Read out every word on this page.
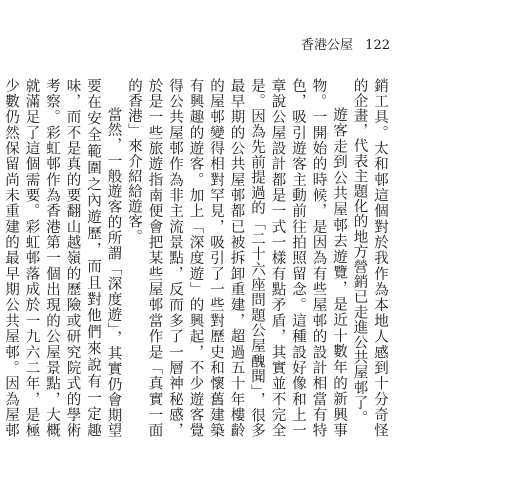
香港公屋 122

銷工具。太和邨這個對於我作為本地人感到十分奇怪的企畫，代表主題化的地方營銷已走進公共屋邨了。

遊客走到公共屋邨去遊覽，是近十數年的新興事物。一開始的時候，是因為有些屋邨的設計相當有特色，吸引遊客主動前往拍照留念。這種設好像和上一章說公屋設計都是一式一樣有點矛盾，其實並不完全是。因為先前提過的「二十六座問題公屋醜聞」，很多最早期的公共屋邨都已被拆卸重建，超過五十年樓齡的屋邨變得相對罕見，吸引了一些對歷史和懷舊建築有興趣的遊客。加上「深度遊」的興起，不少遊客覺得公共屋邨作為非主流景點，反而多了一層神秘感，於是一些旅遊指南便會把某些屋邨當作是「真實一面的香港」來介紹給遊客。

當然，一般遊客的所謂「深度遊」，其實仍會期望要在安全範圍之內遊歷，而且對他們來說有一定趣味，而不是真的要翻山越嶺的歷險或研究院式的學術考察。彩虹邨作為香港第一個出現的公屋景點，大概就滿足了這個需要。彩虹邨落成於一九六二年，是極少數仍然保留尚未重建的最早期公共屋邨。因為屋邨
